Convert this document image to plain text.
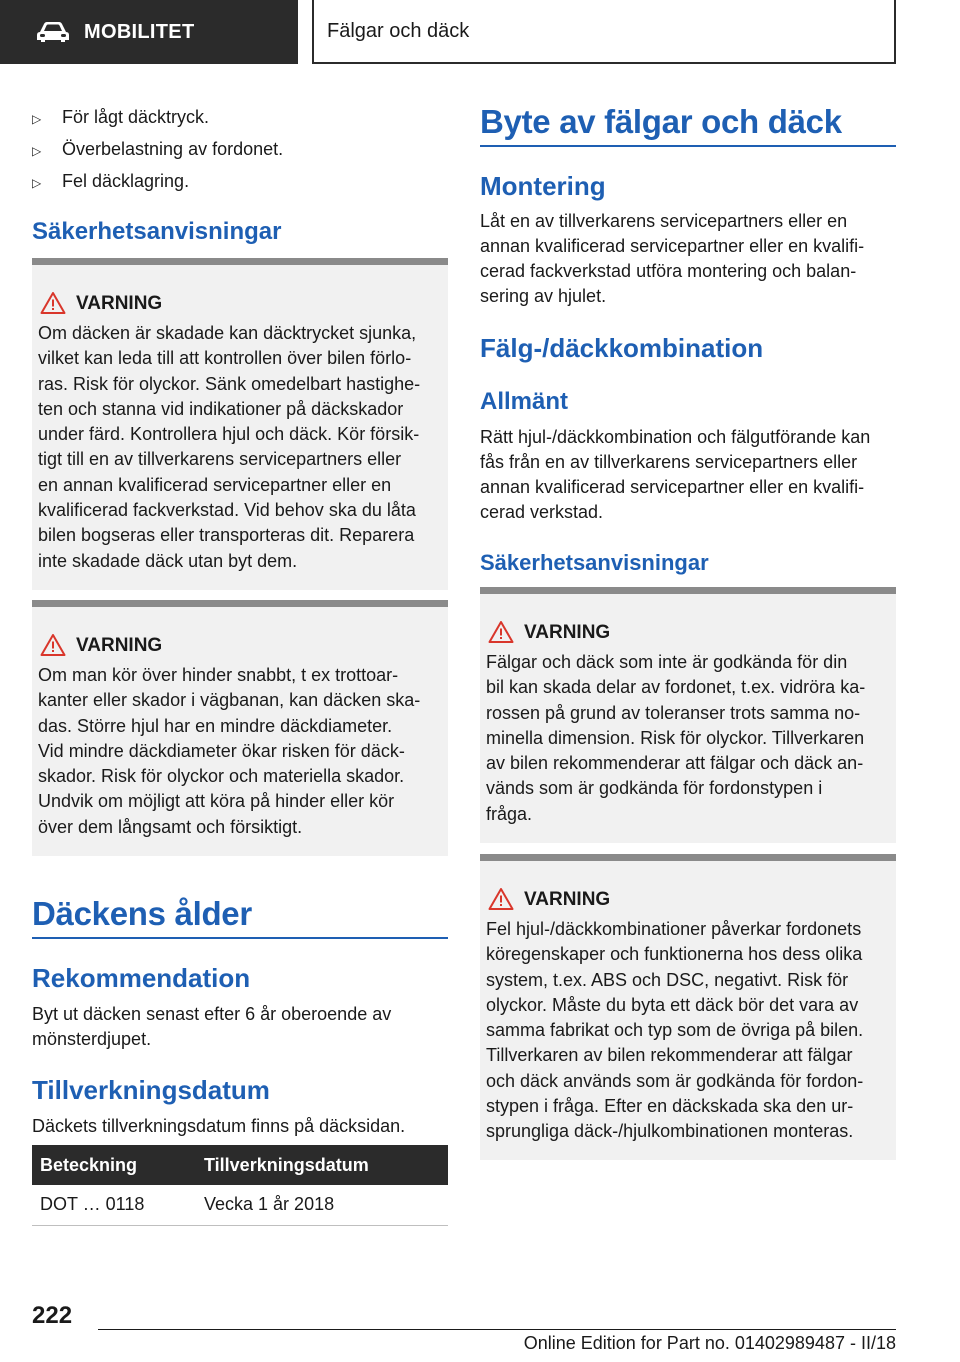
MOBILITET	Fälgar och däck
▷	För lågt däcktryck.
▷	Överbelastning av fordonet.
▷	Fel däcklagring.
Säkerhetsanvisningar
VARNING
Om däcken är skadade kan däcktrycket sjunka,
vilket kan leda till att kontrollen över bilen förlo-
ras. Risk för olyckor. Sänk omedelbart hastighe-
ten och stanna vid indikationer på däckskador
under färd. Kontrollera hjul och däck. Kör försik-
tigt till en av tillverkarens servicepartners eller
en annan kvalificerad servicepartner eller en
kvalificerad fackverkstad. Vid behov ska du låta
bilen bogseras eller transporteras dit. Reparera
inte skadade däck utan byt dem.
VARNING
Om man kör över hinder snabbt, t ex trottoar-
kanter eller skador i vägbanan, kan däcken ska-
das. Större hjul har en mindre däckdiameter.
Vid mindre däckdiameter ökar risken för däck-
skador. Risk för olyckor och materiella skador.
Undvik om möjligt att köra på hinder eller kör
över dem långsamt och försiktigt.
Däckens ålder
Rekommendation
Byt ut däcken senast efter 6 år oberoende av
mönsterdjupet.
Tillverkningsdatum
Däckets tillverkningsdatum finns på däcksidan.
Beteckning	Tillverkningsdatum
DOT … 0118	Vecka 1 år 2018
Byte av fälgar och däck
Montering
Låt en av tillverkarens servicepartners eller en
annan kvalificerad servicepartner eller en kvalifi-
cerad fackverkstad utföra montering och balan-
sering av hjulet.
Fälg-/däckkombination
Allmänt
Rätt hjul-/däckkombination och fälgutförande kan
fås från en av tillverkarens servicepartners eller
annan kvalificerad servicepartner eller en kvalifi-
cerad verkstad.
Säkerhetsanvisningar
VARNING
Fälgar och däck som inte är godkända för din
bil kan skada delar av fordonet, t.ex. vidröra ka-
rossen på grund av toleranser trots samma no-
minella dimension. Risk för olyckor. Tillverkaren
av bilen rekommenderar att fälgar och däck an-
vänds som är godkända för fordonstypen i
fråga.
VARNING
Fel hjul-/däckkombinationer påverkar fordonets
köregenskaper och funktionerna hos dess olika
system, t.ex. ABS och DSC, negativt. Risk för
olyckor. Måste du byta ett däck bör det vara av
samma fabrikat och typ som de övriga på bilen.
Tillverkaren av bilen rekommenderar att fälgar
och däck används som är godkända för fordon-
stypen i fråga. Efter en däckskada ska den ur-
sprungliga däck-/hjulkombinationen monteras.
222
Online Edition for Part no. 01402989487 - II/18
